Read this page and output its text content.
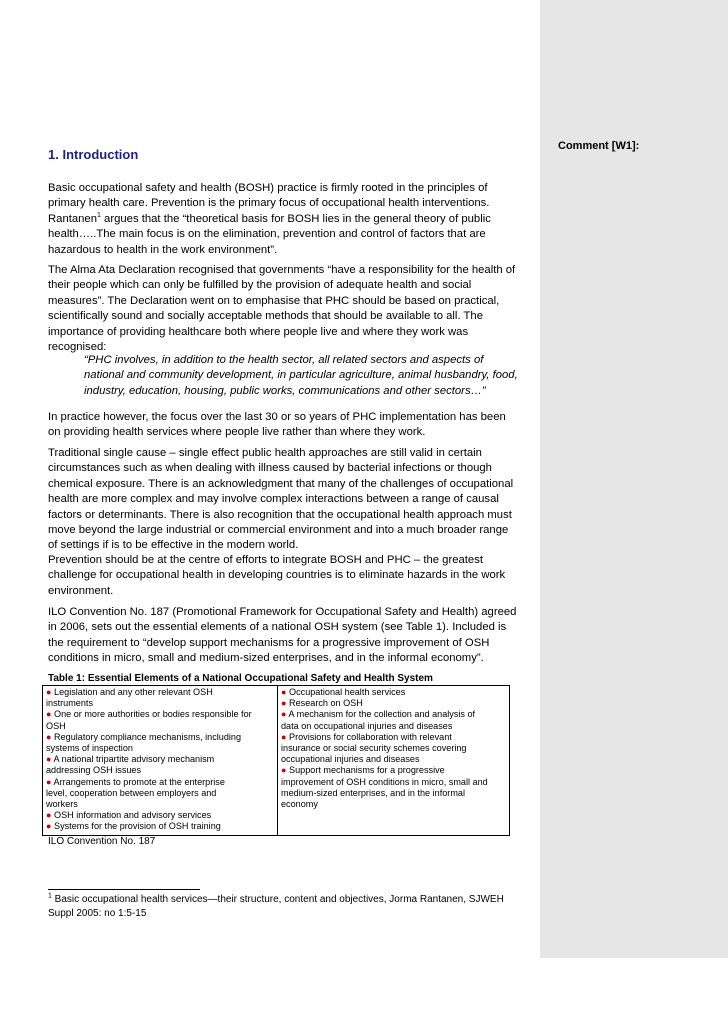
Comment [W1]:
1. Introduction

Basic occupational safety and health (BOSH) practice is firmly rooted in the principles of
primary health care. Prevention is the primary focus of occupational health interventions.
Rantanen$^1$ argues that the “theoretical basis for BOSH lies in the general theory of public
health…..The main focus is on the elimination, prevention and control of factors that are
hazardous to health in the work environment”.

The Alma Ata Declaration recognised that governments “have a responsibility for the health of
their people which can only be fulfilled by the provision of adequate health and social
measures”. The Declaration went on to emphasise that PHC should be based on practical,
scientifically sound and socially acceptable methods that should be available to all. The
importance of providing healthcare both where people live and where they work was
recognised:

“PHC involves, in addition to the health sector, all related sectors and aspects of
national and community development, in particular agriculture, animal husbandry, food,
industry, education, housing, public works, communications and other sectors…”

In practice however, the focus over the last 30 or so years of PHC implementation has been
on providing health services where people live rather than where they work.

Traditional single cause – single effect public health approaches are still valid in certain
circumstances such as when dealing with illness caused by bacterial infections or though
chemical exposure. There is an acknowledgment that many of the challenges of occupational
health are more complex and may involve complex interactions between a range of causal
factors or determinants. There is also recognition that the occupational health approach must
move beyond the large industrial or commercial environment and into a much broader range
of settings if is to be effective in the modern world.

Prevention should be at the centre of efforts to integrate BOSH and PHC – the greatest
challenge for occupational health in developing countries is to eliminate hazards in the work
environment.

ILO Convention No. 187 (Promotional Framework for Occupational Safety and Health) agreed
in 2006, sets out the essential elements of a national OSH system (see Table 1). Included is
the requirement to “develop support mechanisms for a progressive improvement of OSH
conditions in micro, small and medium-sized enterprises, and in the informal economy”.

Table 1: Essential Elements of a National Occupational Safety and Health System
● Legislation and any other relevant OSH
instruments
● One or more authorities or bodies responsible for
OSH
● Regulatory compliance mechanisms, including
systems of inspection
● A national tripartite advisory mechanism
addressing OSH issues
● Arrangements to promote at the enterprise
level, cooperation between employers and
workers
● OSH information and advisory services
● Systems for the provision of OSH training

● Occupational health services
● Research on OSH
● A mechanism for the collection and analysis of
data on occupational injuries and diseases
● Provisions for collaboration with relevant
insurance or social security schemes covering
occupational injuries and diseases
● Support mechanisms for a progressive
improvement of OSH conditions in micro, small and
medium-sized enterprises, and in the informal
economy
ILO Convention No. 187
$^1$ Basic occupational health services—their structure, content and objectives, Jorma Rantanen, SJWEH
Suppl 2005: no 1:5-15
